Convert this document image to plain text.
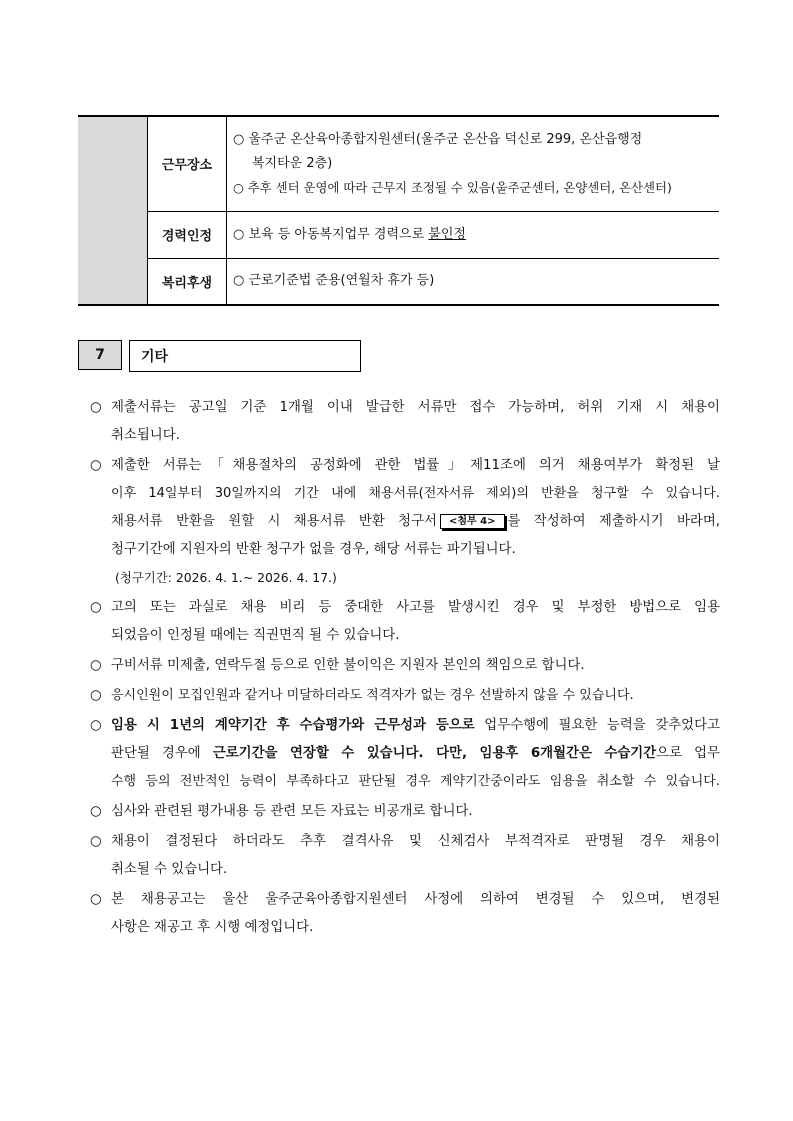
	근무장소	○ 울주군 온산육아종합지원센터(울주군 온산읍 덕신로 299, 온산읍행정
복지타운 2층)
○ 추후 센터 운영에 따라 근무지 조정될 수 있음(울주군센터, 온양센터, 온산센터)

	경력인정	○ 보육 등 아동복지업무 경력으로 불인정
	복리후생	○ 근로기준법 준용(연월차 휴가 등)
7	기타
○ 제출서류는 공고일 기준 1개월 이내 발급한 서류만 접수 가능하며, 허위 기재 시 채용이
취소됩니다.
○ 제출한 서류는「채용절차의 공정화에 관한 법률」제11조에 의거 채용여부가 확정된 날
이후 14일부터 30일까지의 기간 내에 채용서류(전자서류 제외)의 반환을 청구할 수 있습니다.
채용서류 반환을 원할 시 채용서류 반환 청구서 <첨부 4> 를 작성하여 제출하시기 바라며,
청구기간에 지원자의 반환 청구가 없을 경우, 해당 서류는 파기됩니다.
(청구기간: 2026. 4. 1.~ 2026. 4. 17.)
○ 고의 또는 과실로 채용 비리 등 중대한 사고를 발생시킨 경우 및 부정한 방법으로 임용
되었음이 인정될 때에는 직권면직 될 수 있습니다.
○ 구비서류 미제출, 연락두절 등으로 인한 불이익은 지원자 본인의 책임으로 합니다.
○ 응시인원이 모집인원과 같거나 미달하더라도 적격자가 없는 경우 선발하지 않을 수 있습니다.
○ 임용 시 1년의 계약기간 후 수습평가와 근무성과 등으로 업무수행에 필요한 능력을 갖추었다고
판단될 경우에 근로기간을 연장할 수 있습니다. 다만, 임용후 6개월간은 수습기간으로 업무
수행 등의 전반적인 능력이 부족하다고 판단될 경우 계약기간중이라도 임용을 취소할 수 있습니다.
○ 심사와 관련된 평가내용 등 관련 모든 자료는 비공개로 합니다.
○ 채용이 결정된다 하더라도 추후 결격사유 및 신체검사 부적격자로 판명될 경우 채용이
취소될 수 있습니다.
○ 본 채용공고는 울산 울주군육아종합지원센터 사정에 의하여 변경될 수 있으며, 변경된
사항은 재공고 후 시행 예정입니다.
